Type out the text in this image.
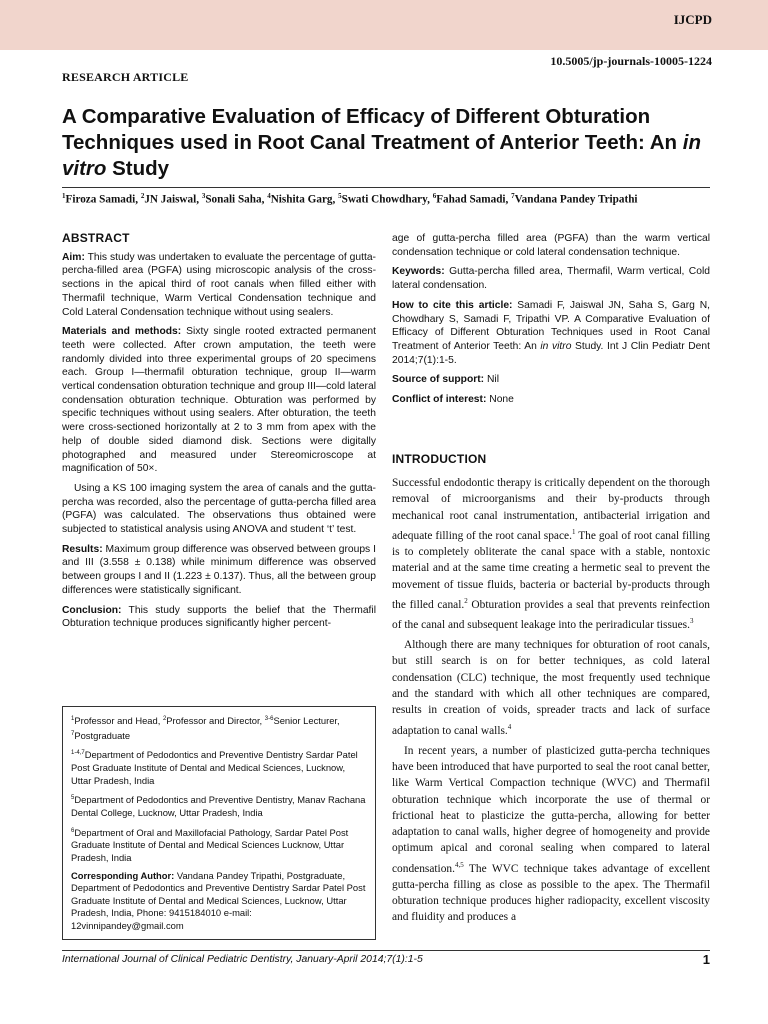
IJCPD
10.5005/jp-journals-10005-1224
RESEARCH ARTICLE
A Comparative Evaluation of Efficacy of Different Obturation Techniques used in Root Canal Treatment of Anterior Teeth: An in vitro Study
$^1$Firoza Samadi, $^2$JN Jaiswal, $^3$Sonali Saha, $^4$Nishita Garg, $^5$Swati Chowdhary, $^6$Fahad Samadi, $^7$Vandana Pandey Tripathi
ABSTRACT
Aim: This study was undertaken to evaluate the percentage of gutta-percha-filled area (PGFA) using microscopic analysis of the cross-sections in the apical third of root canals when filled either with Thermafil technique, Warm Vertical Condensation technique and Cold Lateral Condensation technique without using sealers.
Materials and methods: Sixty single rooted extracted permanent teeth were collected. After crown amputation, the teeth were randomly divided into three experimental groups of 20 specimens each. Group I—thermafil obturation technique, group II—warm vertical condensation obturation technique and group III—cold lateral condensation obturation technique. Obturation was performed by specific techniques without using sealers. After obturation, the teeth were cross-sectioned horizontally at 2 to 3 mm from apex with the help of double sided diamond disk. Sections were digitally photographed and measured under Stereomicroscope at magnification of 50×.
Using a KS 100 imaging system the area of canals and the gutta-percha was recorded, also the percentage of gutta-percha filled area (PGFA) was calculated. The observations thus obtained were subjected to statistical analysis using ANOVA and student ‘t’ test.
Results: Maximum group difference was observed between groups I and III (3.558 ± 0.138) while minimum difference was observed between groups I and II (1.223 ± 0.137). Thus, all the between group differences were statistically significant.
Conclusion: This study supports the belief that the Thermafil Obturation technique produces significantly higher percent-
age of gutta-percha filled area (PGFA) than the warm vertical condensation technique or cold lateral condensation technique.
Keywords: Gutta-percha filled area, Thermafil, Warm vertical, Cold lateral condensation.
How to cite this article: Samadi F, Jaiswal JN, Saha S, Garg N, Chowdhary S, Samadi F, Tripathi VP. A Comparative Evaluation of Efficacy of Different Obturation Techniques used in Root Canal Treatment of Anterior Teeth: An in vitro Study. Int J Clin Pediatr Dent 2014;7(1):1-5.
Source of support: Nil
Conflict of interest: None
INTRODUCTION
Successful endodontic therapy is critically dependent on the thorough removal of microorganisms and their by-products through mechanical root canal instrumentation, antibacterial irrigation and adequate filling of the root canal space.$^1$ The goal of root canal filling is to completely obliterate the canal space with a stable, nontoxic material and at the same time creating a hermetic seal to prevent the movement of tissue fluids, bacteria or bacterial by-products through the filled canal.$^2$ Obturation provides a seal that prevents reinfection of the canal and subsequent leakage into the periradicular tissues.$^3$
Although there are many techniques for obturation of root canals, but still search is on for better techniques, as cold lateral condensation (CLC) technique, the most frequently used technique and the standard with which all other techniques are compared, results in creation of voids, spreader tracts and lack of surface adaptation to canal walls.$^4$
In recent years, a number of plasticized gutta-percha techniques have been introduced that have purported to seal the root canal better, like Warm Vertical Compaction technique (WVC) and Thermafil obturation technique which incorporate the use of thermal or frictional heat to plasticize the gutta-percha, allowing for better adaptation to canal walls, higher degree of homogeneity and provide optimum apical and coronal sealing when compared to lateral condensation.$^{4,5}$ The WVC technique takes advantage of excellent gutta-percha filling as close as possible to the apex. The Thermafil obturation technique produces higher radiopacity, excellent viscosity and fluidity and produces a
$^1$Professor and Head, $^2$Professor and Director, $^{3-6}$Senior Lecturer, $^7$Postgraduate
$^{1-4,7}$Department of Pedodontics and Preventive Dentistry Sardar Patel Post Graduate Institute of Dental and Medical Sciences, Lucknow, Uttar Pradesh, India
$^5$Department of Pedodontics and Preventive Dentistry, Manav Rachana Dental College, Lucknow, Uttar Pradesh, India
$^6$Department of Oral and Maxillofacial Pathology, Sardar Patel Post Graduate Institute of Dental and Medical Sciences Lucknow, Uttar Pradesh, India
Corresponding Author: Vandana Pandey Tripathi, Postgraduate, Department of Pedodontics and Preventive Dentistry Sardar Patel Post Graduate Institute of Dental and Medical Sciences, Lucknow, Uttar Pradesh, India, Phone: 9415184010 e-mail: 12vinnipandey@gmail.com
International Journal of Clinical Pediatric Dentistry, January-April 2014;7(1):1-5	1
